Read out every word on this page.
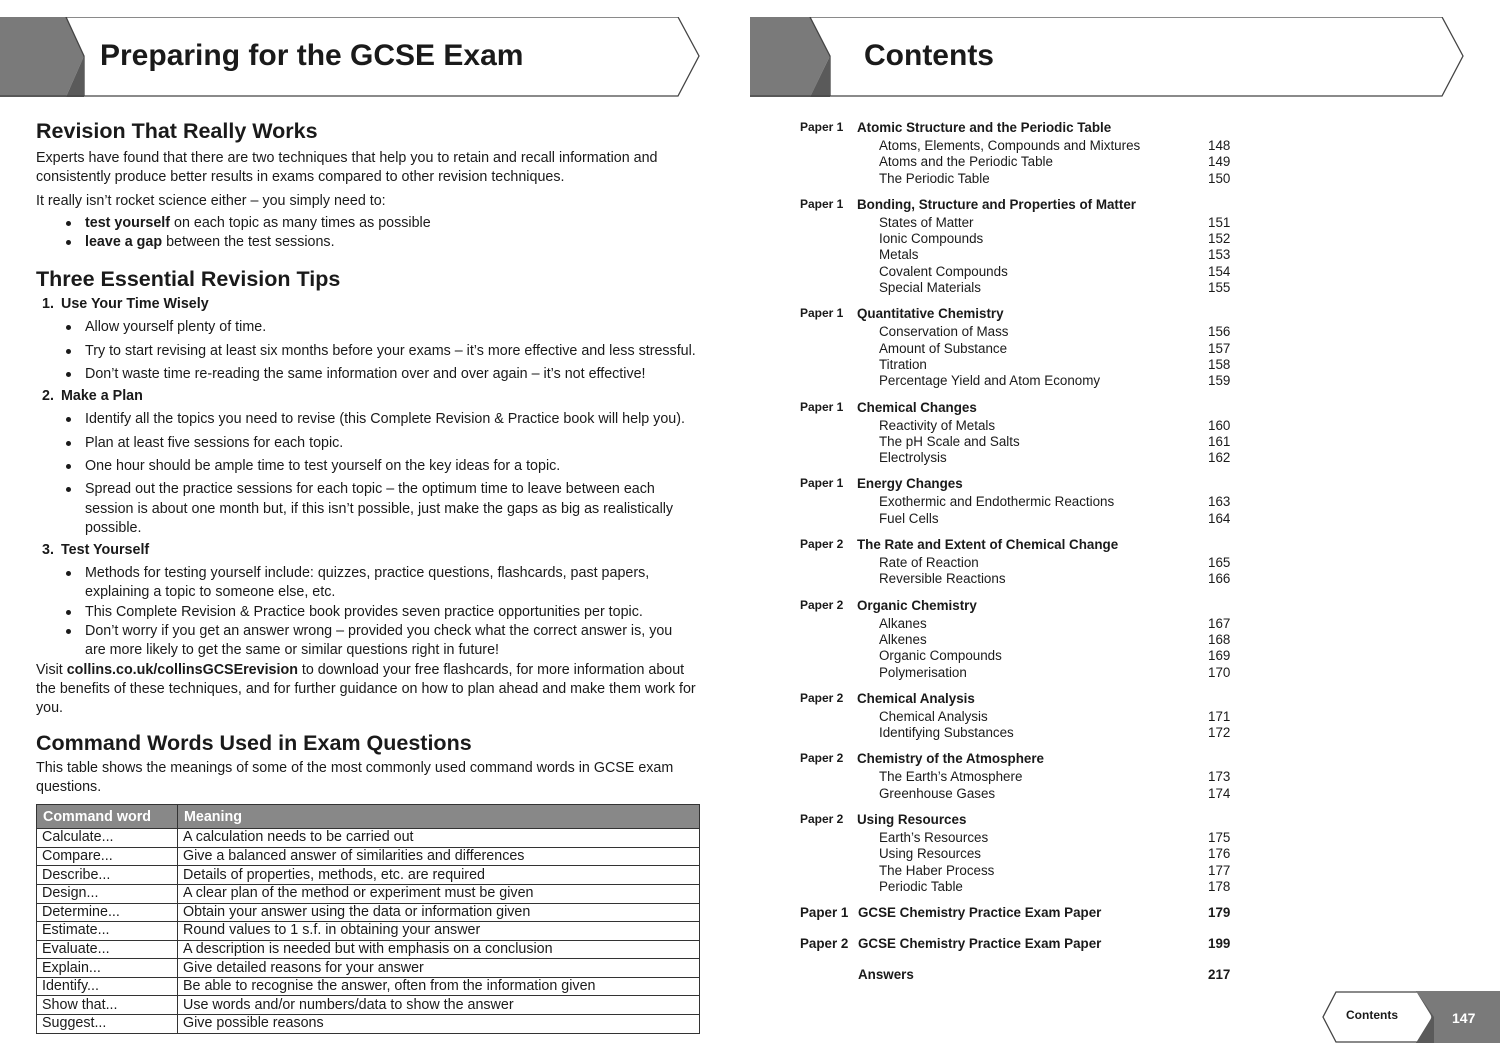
Preparing for the GCSE Exam	Contents
Revision That Really Works

Experts have found that there are two techniques that help you to retain and recall information and consistently produce better results in exams compared to other revision techniques.

It really isn’t rocket science either – you simply need to:

test yourself on each topic as many times as possible
leave a gap between the test sessions.
Three Essential Revision Tips
1. Use Your Time Wisely
Allow yourself plenty of time.
Try to start revising at least six months before your exams – it’s more effective and less stressful.
Don’t waste time re-reading the same information over and over again – it’s not effective!
2. Make a Plan
Identify all the topics you need to revise (this Complete Revision & Practice book will help you).
Plan at least five sessions for each topic.
One hour should be ample time to test yourself on the key ideas for a topic.
Spread out the practice sessions for each topic – the optimum time to leave between each session is about one month but, if this isn’t possible, just make the gaps as big as realistically possible.
3. Test Yourself
Methods for testing yourself include: quizzes, practice questions, flashcards, past papers, explaining a topic to someone else, etc.
This Complete Revision & Practice book provides seven practice opportunities per topic.
Don’t worry if you get an answer wrong – provided you check what the correct answer is, you are more likely to get the same or similar questions right in future!

Visit collins.co.uk/collinsGCSErevision to download your free flashcards, for more information about the benefits of these techniques, and for further guidance on how to plan ahead and make them work for you.

Command Words Used in Exam Questions

This table shows the meanings of some of the most commonly used command words in GCSE exam questions.

Command word	Meaning
Calculate...	A calculation needs to be carried out
Compare...	Give a balanced answer of similarities and differences
Describe...	Details of properties, methods, etc. are required
Design...	A clear plan of the method or experiment must be given
Determine...	Obtain your answer using the data or information given
Estimate...	Round values to 1 s.f. in obtaining your answer
Evaluate...	A description is needed but with emphasis on a conclusion
Explain...	Give detailed reasons for your answer
Identify...	Be able to recognise the answer, often from the information given
Show that...	Use words and/or numbers/data to show the answer
Suggest...	Give possible reasons
Paper 1 Atomic Structure and the Periodic Table
Atoms, Elements, Compounds and Mixtures	148
Atoms and the Periodic Table	149
The Periodic Table	150
Paper 1 Bonding, Structure and Properties of Matter
States of Matter	151
Ionic Compounds	152
Metals	153
Covalent Compounds	154
Special Materials	155
Paper 1 Quantitative Chemistry
Conservation of Mass	156
Amount of Substance	157
Titration	158
Percentage Yield and Atom Economy	159
Paper 1 Chemical Changes
Reactivity of Metals	160
The pH Scale and Salts	161
Electrolysis	162
Paper 1 Energy Changes
Exothermic and Endothermic Reactions	163
Fuel Cells	164
Paper 2 The Rate and Extent of Chemical Change
Rate of Reaction	165
Reversible Reactions	166
Paper 2 Organic Chemistry
Alkanes	167
Alkenes	168
Organic Compounds	169
Polymerisation	170
Paper 2 Chemical Analysis
Chemical Analysis	171
Identifying Substances	172
Paper 2 Chemistry of the Atmosphere
The Earth’s Atmosphere	173
Greenhouse Gases	174
Paper 2 Using Resources
Earth’s Resources	175
Using Resources	176
The Haber Process	177
Periodic Table	178
Paper 1 GCSE Chemistry Practice Exam Paper	179
Paper 2 GCSE Chemistry Practice Exam Paper	199
Answers	217
Contents	147
